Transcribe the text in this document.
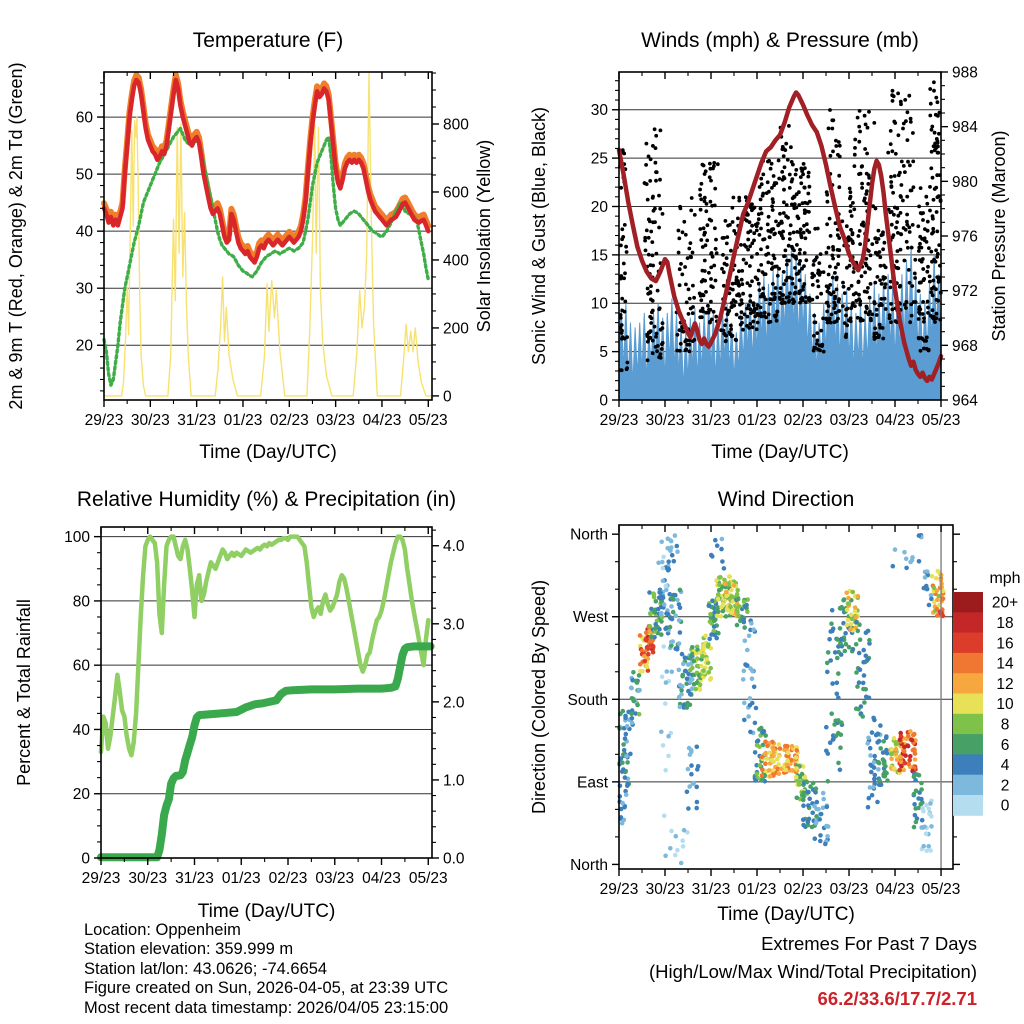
29/23 30/23 31/23 01/23 02/23 03/23 04/23 05/23
20
30
40
50
60
0
200
400
600
800
Temperature (F)
Time (Day/UTC)
2m & 9m T (Red, Orange) & 2m Td (Green)	Solar Insolation (Yellow)
29/23 30/23 31/23 01/23 02/23 03/23 04/23 05/23
0
5
10
15
20
25
30
964
968
972
976
980
984
988
Winds (mph) & Pressure (mb)
Time (Day/UTC)
Sonic Wind & Gust (Blue, Black)	Station Pressure (Maroon)
29/23 30/23 31/23 01/23 02/23 03/23 04/23 05/23
0
20
40
60
80
100
0.0
1.0
2.0
3.0
4.0
Relative Humidity (%) & Precipitation (in)
Time (Day/UTC)
Percent & Total Rainfall
29/23 30/23 31/23 01/23 02/23 03/23 04/23 05/23
North
East
South
West
North
Wind Direction
Time (Day/UTC)
Direction (Colored By Speed)
mph
20+
18
16
14
12
10
8
6
4
2
0
Location: Oppenheim
Station elevation: 359.999 m
Station lat/lon: 43.0626; -74.6654
Figure created on Sun, 2026-04-05, at 23:39 UTC
Most recent data timestamp: 2026/04/05 23:15:00
Extremes For Past 7 Days
(High/Low/Max Wind/Total Precipitation)
66.2/33.6/17.7/2.71
